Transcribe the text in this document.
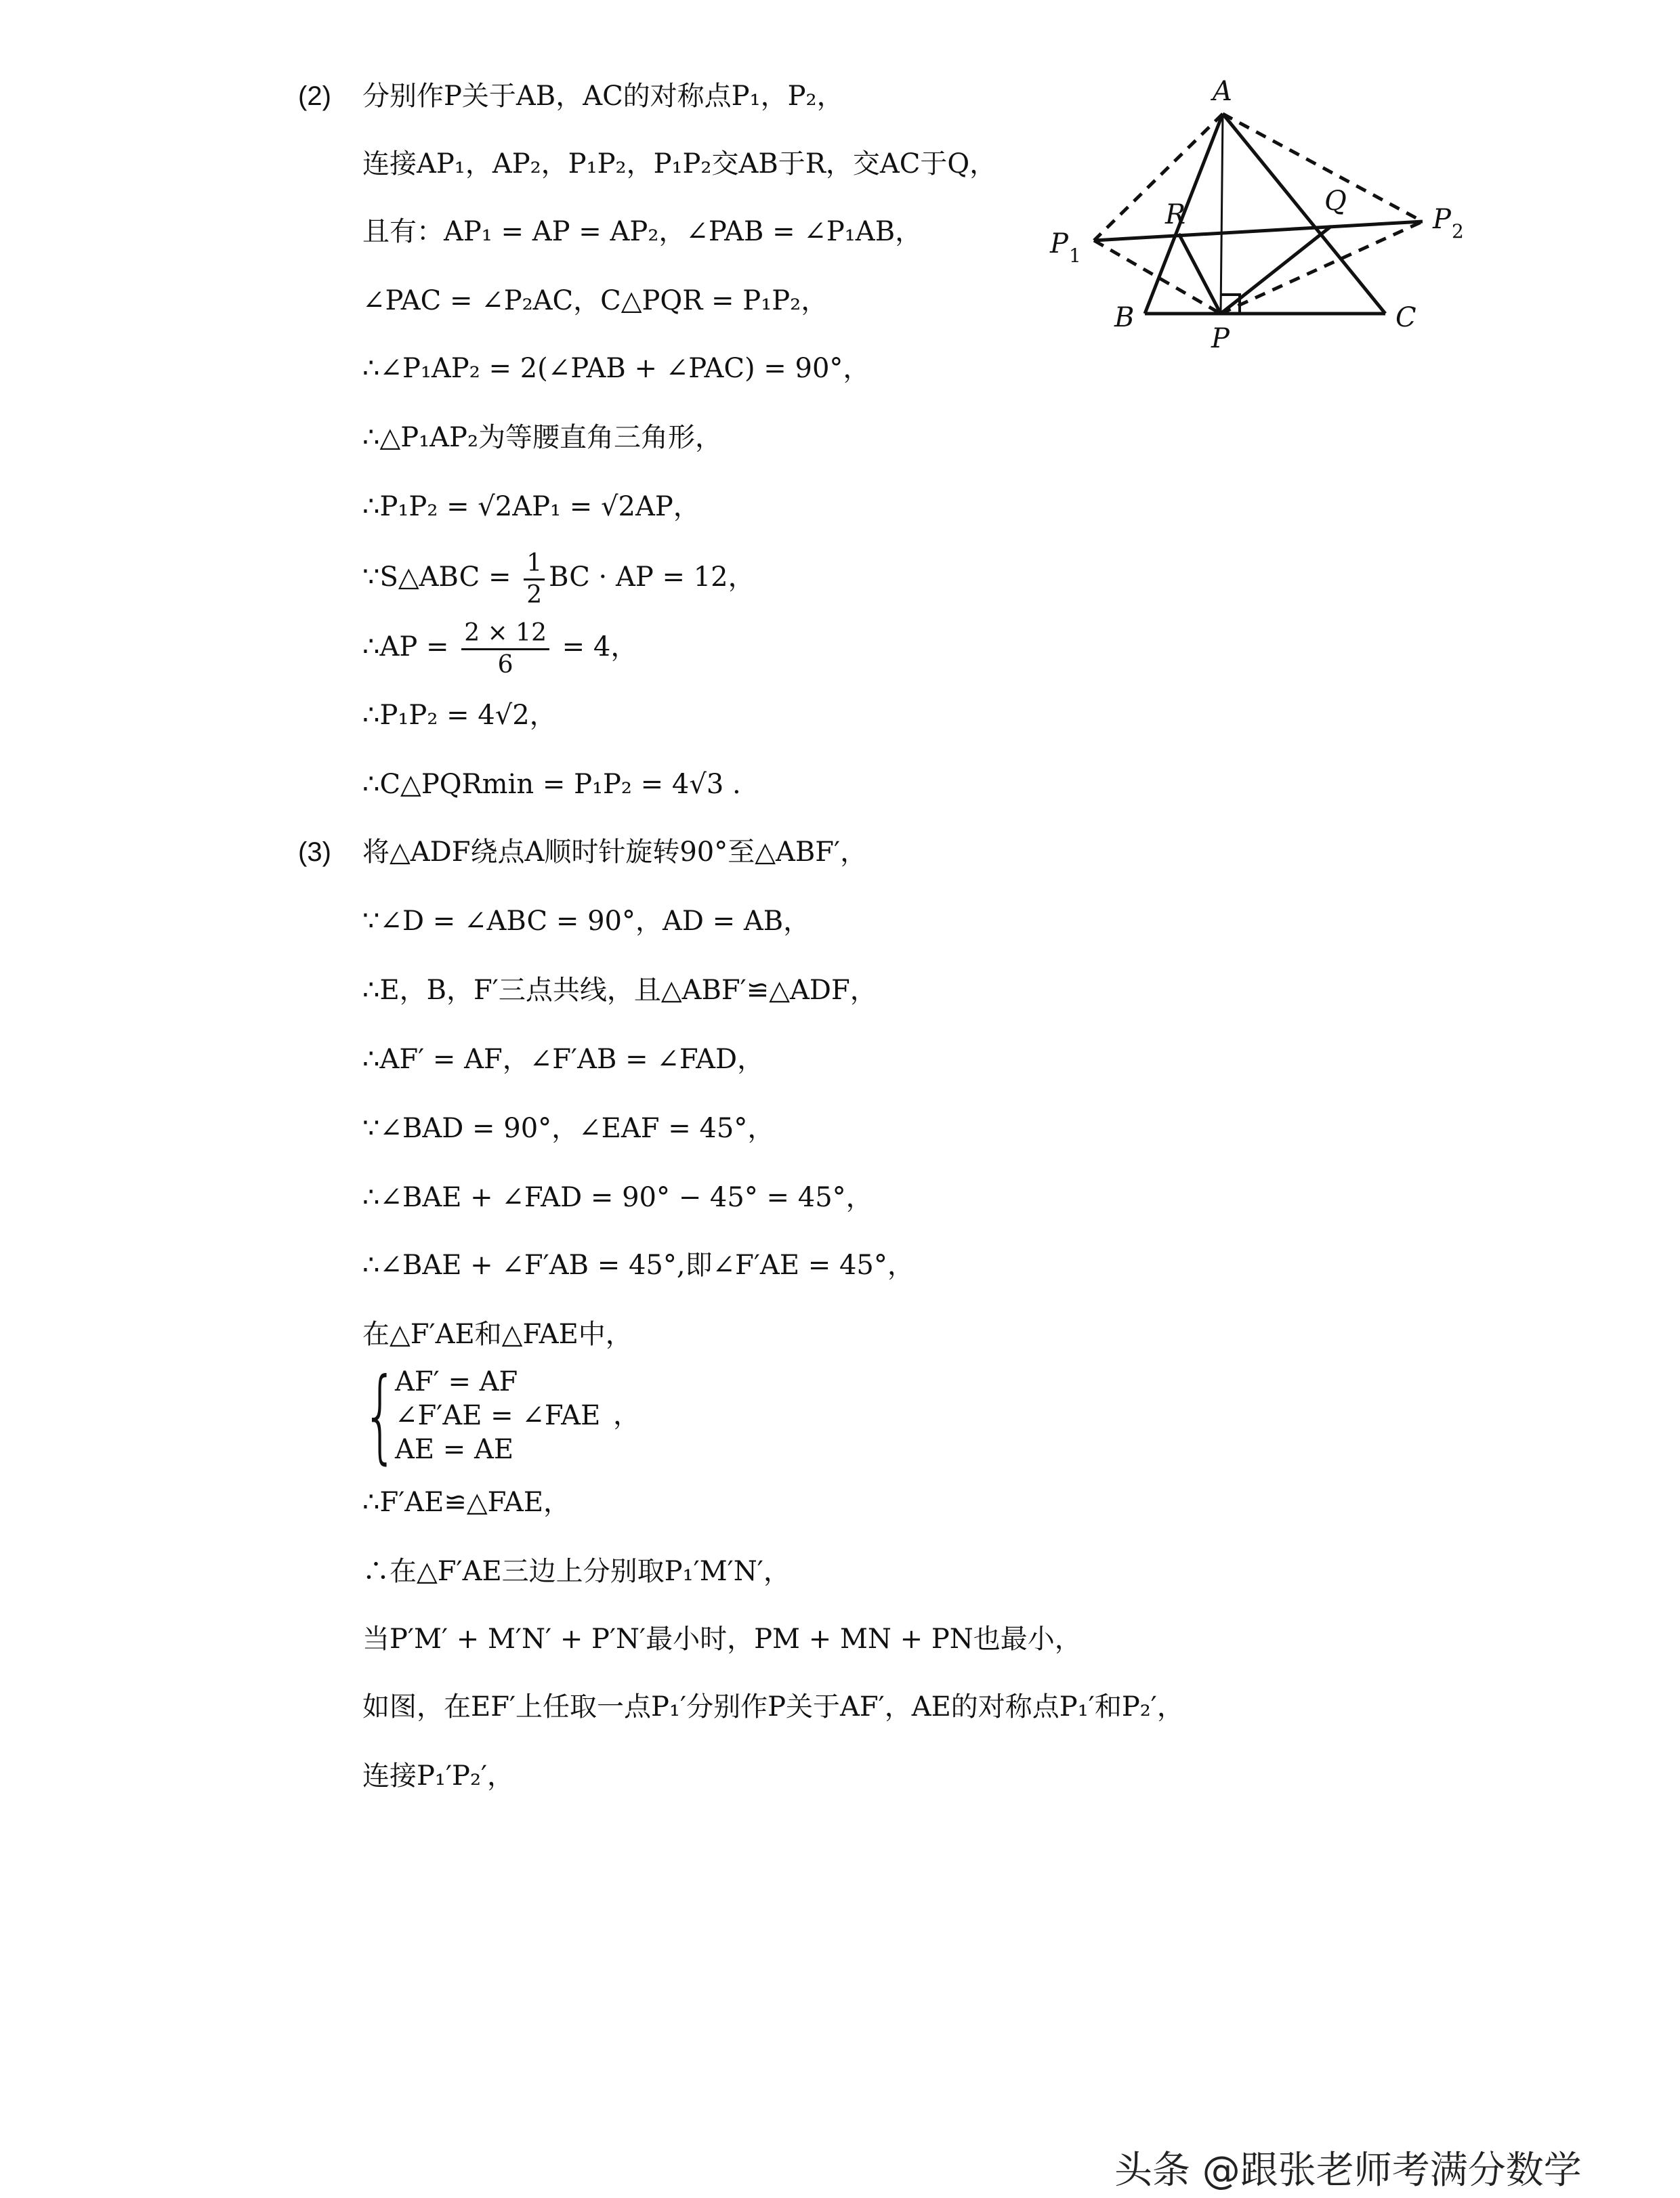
(2) 分别作P关于AB，AC的对称点P₁，P₂，
连接AP₁，AP₂，P₁P₂，P₁P₂交AB于R，交AC于Q，
且有：AP₁ = AP = AP₂，∠PAB = ∠P₁AB，
∠PAC = ∠P₂AC，C△PQR = P₁P₂，
∴∠P₁AP₂ = 2(∠PAB + ∠PAC) = 90°，
∴△P₁AP₂为等腰直角三角形，
∴P₁P₂ = √2AP₁ = √2AP，
∵S△ABC = $\frac{1}{2}$ BC · AP = 12，
∴AP = $\frac{2 \times 12}{6} = 4$，
∴P₁P₂ = 4√2，
∴C△PQRmin = P₁P₂ = 4√3 .
(3) 将△ADF绕点A顺时针旋转90°至△ABF′，
∵∠D = ∠ABC = 90°，AD = AB，
∴E，B，F′三点共线，且△ABF′≌△ADF，
∴AF′ = AF，∠F′AB = ∠FAD，
∵∠BAD = 90°，∠EAF = 45°，
∴∠BAE + ∠FAD = 90° − 45° = 45°，
∴∠BAE + ∠F′AB = 45°,即∠F′AE = 45°，
在△F′AE和△FAE中，
{
AF′ = AF
∠F′AE = ∠FAE
AE = AE
，
∴F′AE≌△FAE，
∴在△F′AE三边上分别取P₁′M′N′，
当P′M′ + M′N′ + P′N′最小时，PM + MN + PN也最小，
如图，在EF′上任取一点P₁′分别作P关于AF′，AE的对称点P₁′和P₂′，
连接P₁′P₂′，
A
R	Q
B	C
P
P 1
P 2
头条 @跟张老师考满分数学
